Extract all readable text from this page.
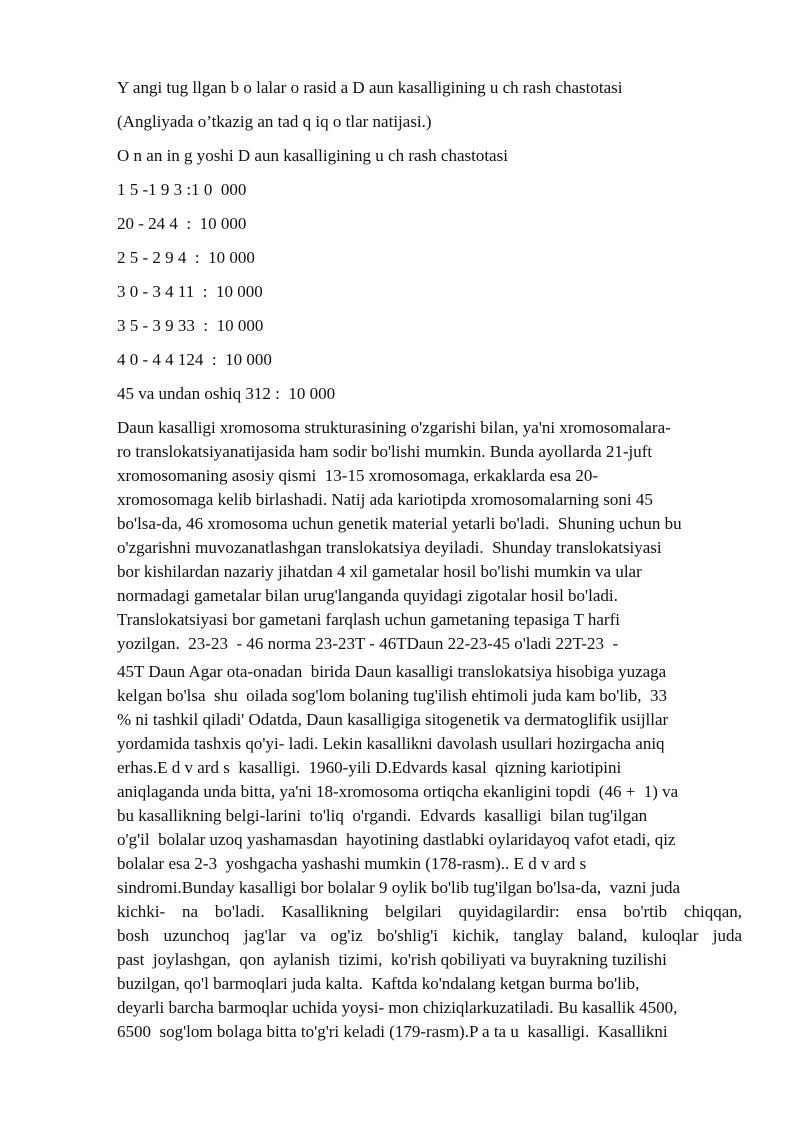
Y angi tug llgan b o lalar o rasid a D aun kasalligining u ch rash chastotasi
(Angliyada o’tkazig an tad q iq o tlar natijasi.)
O n an in g yoshi D aun kasalligining u ch rash chastotasi
1 5 -1 9 3 :1 0  000
20 - 24 4  :  10 000
2 5 - 2 9 4  :  10 000
3 0 - 3 4 11  :  10 000
3 5 - 3 9 33  :  10 000
4 0 - 4 4 124  :  10 000
45 va undan oshiq 312 :  10 000
Daun kasalligi xromosoma strukturasining o'zgarishi bilan, ya'ni xromosomalara-
ro translokatsiyanatijasida ham sodir bo'lishi mumkin. Bunda ayollarda 21-juft
xromosomaning asosiy qismi  13-15 xromosomaga, erkaklarda esa 20-
xromosomaga kelib birlashadi. Natij ada kariotipda xromosomalarning soni 45
bo'lsa-da, 46 xromosoma uchun genetik material yetarli bo'ladi.  Shuning uchun bu
o'zgarishni muvozanatlashgan translokatsiya deyiladi.  Shunday translokatsiyasi
bor kishilardan nazariy jihatdan 4 xil gametalar hosil bo'lishi mumkin va ular
normadagi gametalar bilan urug'langanda quyidagi zigotalar hosil bo'ladi.
Translokatsiyasi bor gametani farqlash uchun gametaning tepasiga T harfi
yozilgan.  23-23  - 46 norma 23-23T - 46TDaun 22-23-45 o'ladi 22T-23  -
45T Daun Agar ota-onadan  birida Daun kasalligi translokatsiya hisobiga yuzaga
kelgan bo'lsa  shu  oilada sog'lom bolaning tug'ilish ehtimoli juda kam bo'lib,  33
% ni tashkil qiladi' Odatda, Daun kasalligiga sitogenetik va dermatoglifik usijllar
yordamida tashxis qo'yi- ladi. Lekin kasallikni davolash usullari hozirgacha aniq
erhas.E d v ard s  kasalligi.  1960-yili D.Edvards kasal  qizning kariotipini
aniqlaganda unda bitta, ya'ni 18-xromosoma ortiqcha ekanligini topdi  (46 +  1) va
bu kasallikning belgi-larini  to'liq  o'rgandi.  Edvards  kasalligi  bilan tug'ilgan
o'g'il  bolalar uzoq yashamasdan  hayotining dastlabki oylaridayoq vafot etadi, qiz
bolalar esa 2-3  yoshgacha yashashi mumkin (178-rasm).. E d v ard s
sindromi.Bunday kasalligi bor bolalar 9 oylik bo'lib tug'ilgan bo'lsa-da,  vazni juda
kichki- na bo'ladi. Kasallikning belgilari quyidagilardir: ensa bo'rtib chiqqan,
bosh uzunchoq jag'lar va og'iz bo'shlig'i kichik, tanglay baland, kuloqlar juda
past  joylashgan,  qon  aylanish  tizimi,  ko'rish qobiliyati va buyrakning tuzilishi
buzilgan, qo'l barmoqlari juda kalta.  Kaftda ko'ndalang ketgan burma bo'lib,
deyarli barcha barmoqlar uchida yoysi- mon chiziqlarkuzatiladi. Bu kasallik 4500,
6500  sog'lom bolaga bitta to'g'ri keladi (179-rasm).P a ta u  kasalligi.  Kasallikni
